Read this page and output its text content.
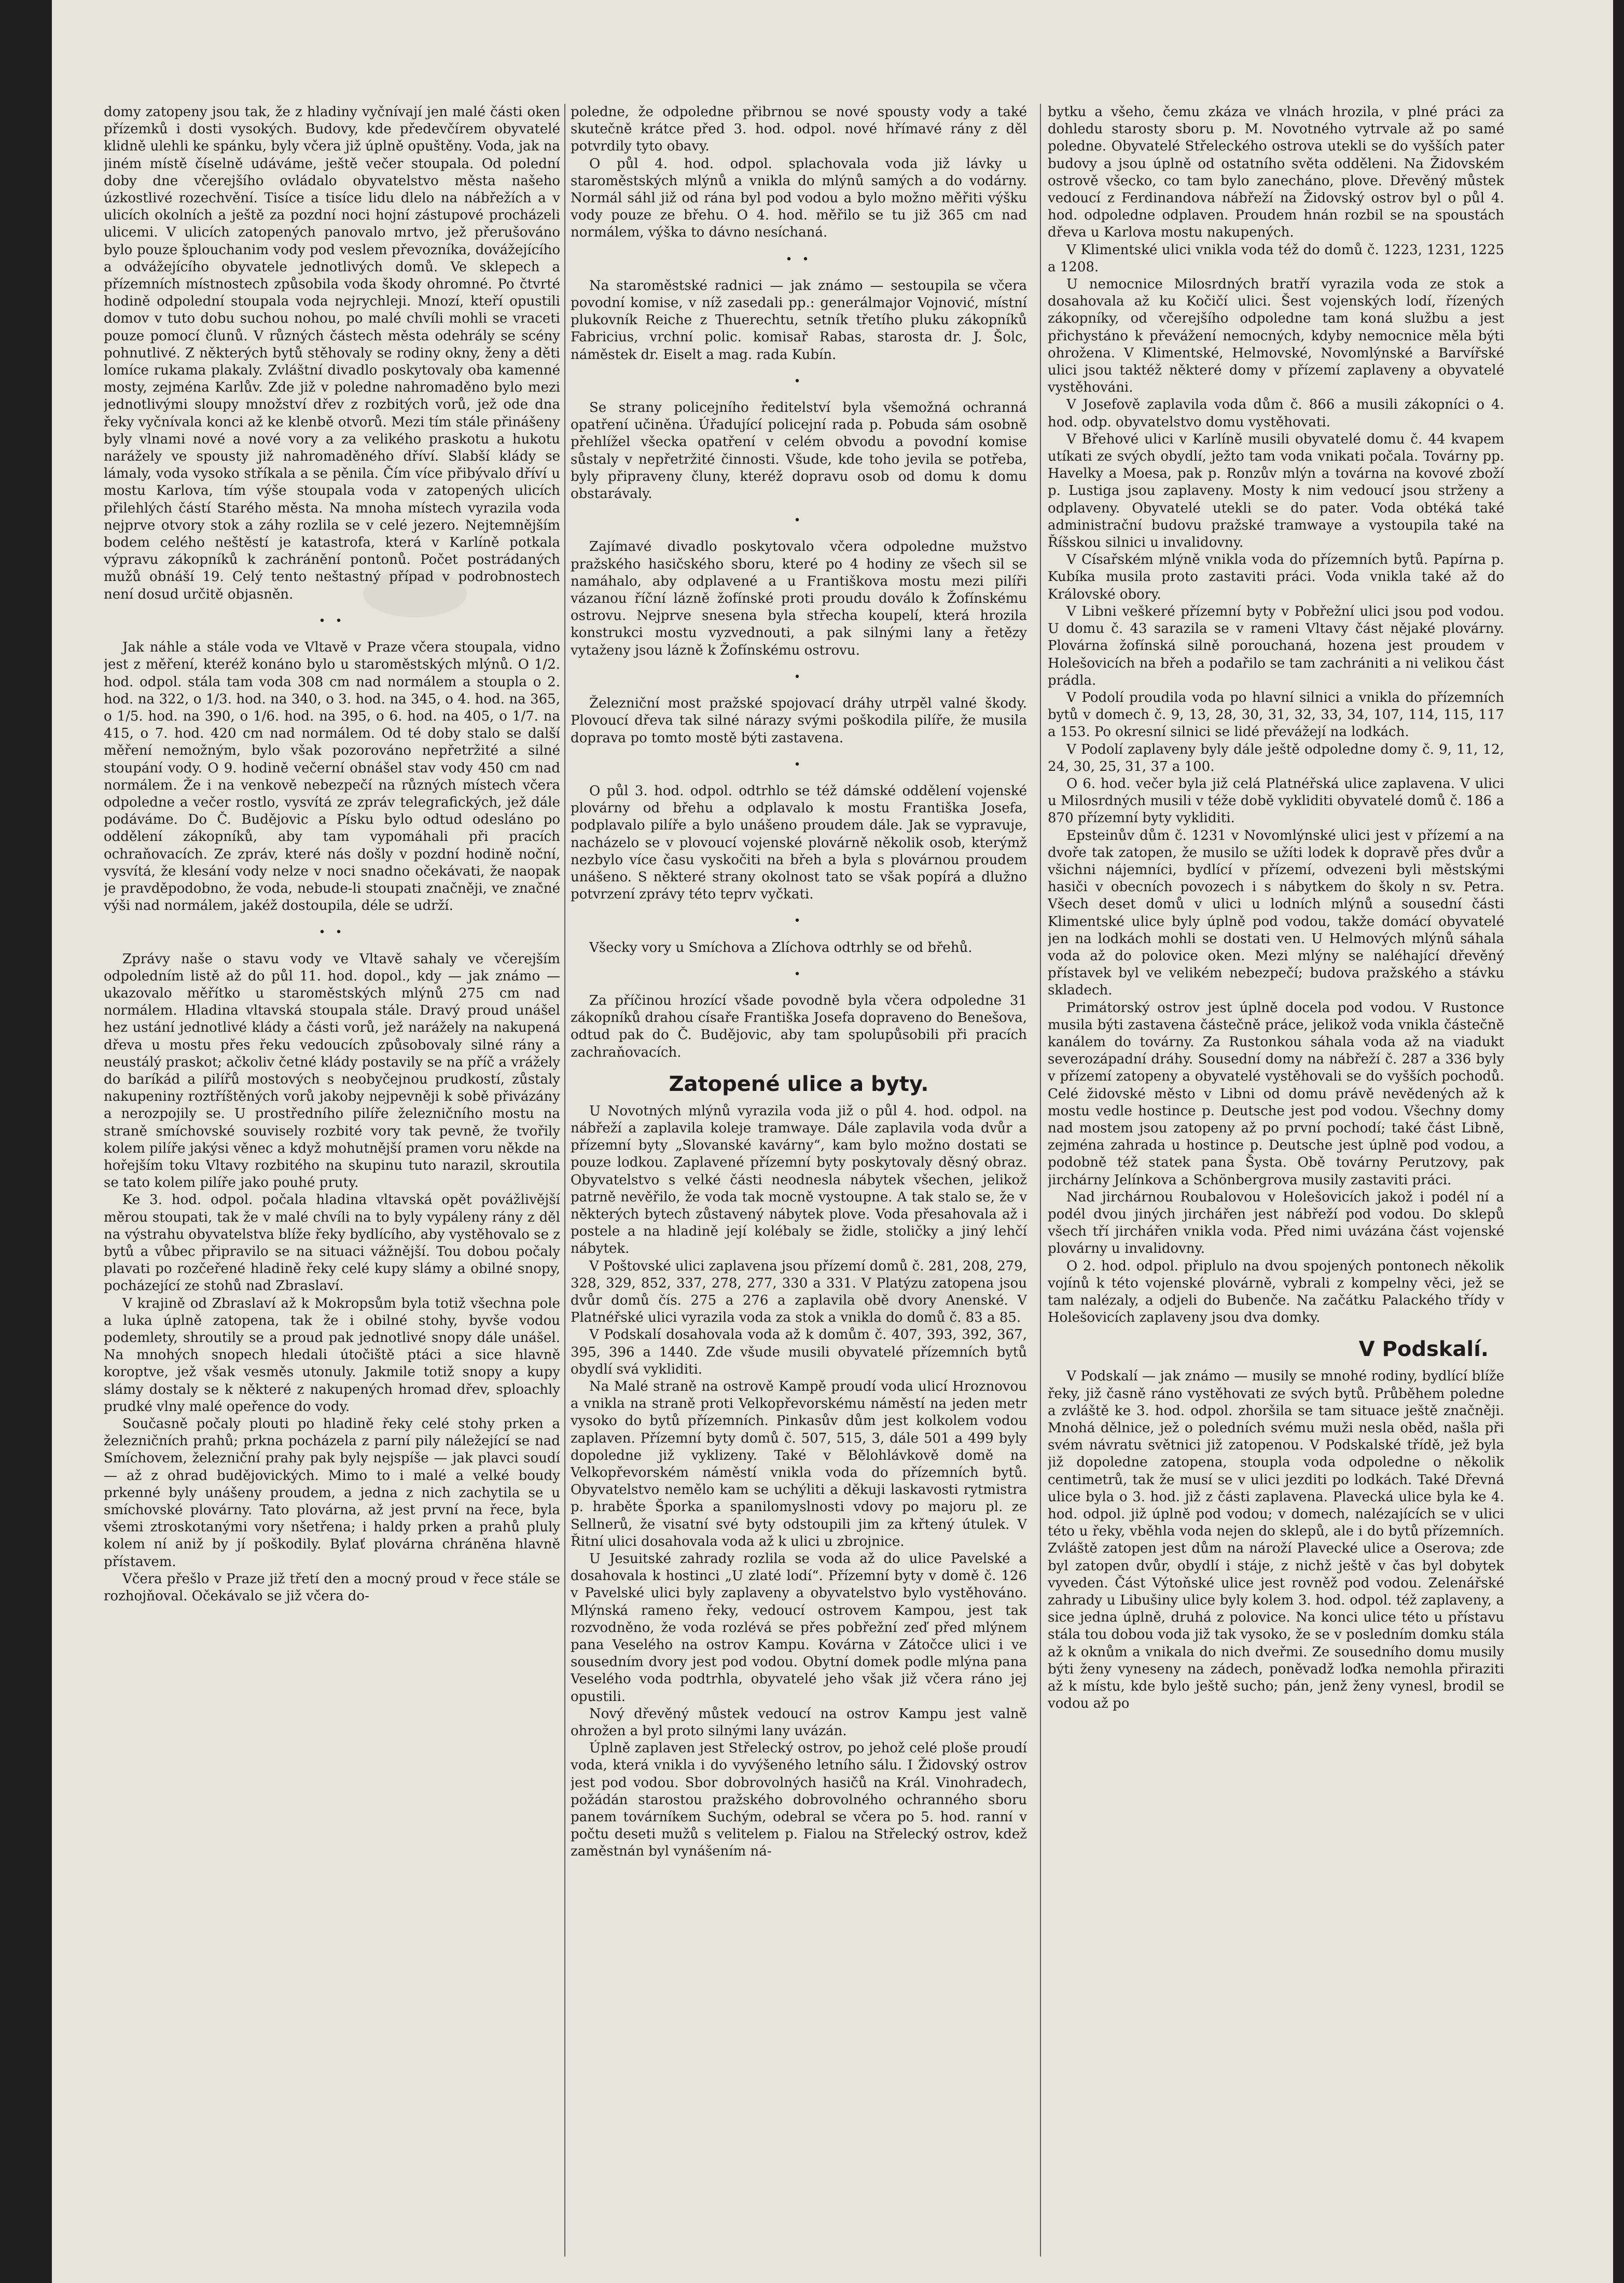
domy zatopeny jsou tak, že z hladiny vyčnívají jen malé části oken přízemků i dosti vysokých. Budovy, kde předevčírem obyvatelé klidně ulehli ke spánku, byly včera již úplně opuštěny. Voda, jak na jiném místě číselně udáváme, ještě večer stoupala. Od polední doby dne včerejšího ovládalo obyvatelstvo města našeho úzkostlivé rozechvění. Tisíce a tisíce lidu dlelo na nábřežích a v ulicích okolních a ještě za pozdní noci hojní zástupové procházeli ulicemi. V ulicích zatopených panovalo mrtvo, jež přerušováno bylo pouze šplouchanim vody pod veslem převozníka, dovážejícího a odvážejícího obyvatele jednotlivých domů. Ve sklepech a přízemních místnostech způsobila voda škody ohromné. Po čtvrté hodině odpolední stoupala voda nejrychleji. Mnozí, kteří opustili domov v tuto dobu suchou nohou, po malé chvíli mohli se vraceti pouze pomocí člunů. V různých částech města odehrály se scény pohnutlivé. Z některých bytů stěhovaly se rodiny okny, ženy a děti lomíce rukama plakaly. Zvláštní divadlo poskytovaly oba kamenné mosty, zejména Karlův. Zde již v poledne nahromaděno bylo mezi jednotlivými sloupy množství dřev z rozbitých vorů, jež ode dna řeky vyčnívala konci až ke klenbě otvorů. Mezi tím stále přinášeny byly vlnami nové a nové vory a za velikého praskotu a hukotu narážely ve spousty již nahromaděného dříví. Slabší klády se lámaly, voda vysoko stříkala a se pěnila. Čím více přibývalo dříví u mostu Karlova, tím výše stoupala voda v zatopených ulicích přilehlých částí Starého města. Na mnoha místech vyrazila voda nejprve otvory stok a záhy rozlila se v celé jezero. Nejtemnějším bodem celého neštěstí je katastrofa, která v Karlíně potkala výpravu zákopníků k zachránění pontonů. Počet postrádaných mužů obnáší 19. Celý tento neštastný případ v podrobnostech není dosud určitě objasněn.

• •

Jak náhle a stále voda ve Vltavě v Praze včera stoupala, vidno jest z měření, kteréž konáno bylo u staroměstských mlýnů. O 1/2. hod. odpol. stála tam voda 308 cm nad normálem a stoupla o 2. hod. na 322, o 1/3. hod. na 340, o 3. hod. na 345, o 4. hod. na 365, o 1/5. hod. na 390, o 1/6. hod. na 395, o 6. hod. na 405, o 1/7. na 415, o 7. hod. 420 cm nad normálem. Od té doby stalo se další měření nemožným, bylo však pozorováno nepřetržité a silné stoupání vody. O 9. hodině večerní obnášel stav vody 450 cm nad normálem. Že i na venkově nebezpečí na různých místech včera odpoledne a večer rostlo, vysvítá ze zpráv telegrafických, jež dále podáváme. Do Č. Budějovic a Písku bylo odtud odesláno po oddělení zákopníků, aby tam vypomáhali při pracích ochraňovacích. Ze zpráv, které nás došly v pozdní hodině noční, vysvítá, že klesání vody nelze v noci snadno očekávati, že naopak je pravděpodobno, že voda, nebude-li stoupati značněji, ve značné výši nad normálem, jakéž dostoupila, déle se udrží.

• •

Zprávy naše o stavu vody ve Vltavě sahaly ve včerejším odpoledním listě až do půl 11. hod. dopol., kdy — jak známo — ukazovalo měřítko u staroměstských mlýnů 275 cm nad normálem. Hladina vltavská stoupala stále. Dravý proud unášel hez ustání jednotlivé klády a části vorů, jež narážely na nakupená dřeva u mostu přes řeku vedoucích způsobovaly silné rány a neustálý praskot; ačkoliv četné klády postavily se na příč a vrážely do baríkád a pilířů mostových s neobyčejnou prudkostí, zůstaly nakupeniny roztříštěných vorů jakoby nejpevněji k sobě přivázány a nerozpojily se. U prostředního pilíře železničního mostu na straně smíchovské souvisely rozbité vory tak pevně, že tvořily kolem pilíře jakýsi věnec a když mohutnější pramen voru někde na hořejším toku Vltavy rozbitého na skupinu tuto narazil, skroutila se tato kolem pilíře jako pouhé pruty.

Ke 3. hod. odpol. počala hladina vltavská opět povážlivější měrou stoupati, tak že v malé chvíli na to byly vypáleny rány z děl na výstrahu obyvatelstva blíže řeky bydlícího, aby vystěhovalo se z bytů a vůbec připravilo se na situaci vážnější. Tou dobou počaly plavati po rozčeřené hladině řeky celé kupy slámy a obilné snopy, pocházející ze stohů nad Zbraslaví.

V krajině od Zbraslaví až k Mokropsům byla totiž všechna pole a luka úplně zatopena, tak že i obilné stohy, byvše vodou podemlety, shroutily se a proud pak jednotlivé snopy dále unášel. Na mnohých snopech hledali útočiště ptáci a sice hlavně koroptve, jež však vesměs utonuly. Jakmile totiž snopy a kupy slámy dostaly se k některé z nakupených hromad dřev, sploachly prudké vlny malé opeřence do vody.

Současně počaly plouti po hladině řeky celé stohy prken a železničních prahů; prkna pocházela z parní pily náležející se nad Smíchovem, železniční prahy pak byly nejspíše — jak plavci soudí — až z ohrad budějovických. Mimo to i malé a velké boudy prkenné byly unášeny proudem, a jedna z nich zachytila se u smíchovské plovárny. Tato plovárna, až jest první na řece, byla všemi ztroskotanými vory nšetřena; i haldy prken a prahů pluly kolem ní aniž by jí poškodily. Bylať plovárna chráněna hlavně přístavem.

Včera přešlo v Praze již třetí den a mocný proud v řece stále se rozhojňoval. Očekávalo se již včera do-

poledne, že odpoledne přibrnou se nové spousty vody a také skutečně krátce před 3. hod. odpol. nové hřímavé rány z děl potvrdily tyto obavy.

O půl 4. hod. odpol. splachovala voda již lávky u staroměstských mlýnů a vnikla do mlýnů samých a do vodárny. Normál sáhl již od rána byl pod vodou a bylo možno měřiti výšku vody pouze ze břehu. O 4. hod. měřilo se tu již 365 cm nad normálem, výška to dávno nesíchaná.

• •

Na staroměstské radnici — jak známo — sestoupila se včera povodní komise, v níž zasedali pp.: generálmajor Vojnović, místní plukovník Reiche z Thuerechtu, setník třetího pluku zákopníků Fabricius, vrchní polic. komisař Rabas, starosta dr. J. Šolc, náměstek dr. Eiselt a mag. rada Kubín.

•

Se strany policejního ředitelství byla všemožná ochranná opatření učiněna. Úřadující policejní rada p. Pobuda sám osobně přehlížel všecka opatření v celém obvodu a povodní komise sůstaly v nepřetržité činnosti. Všude, kde toho jevila se potřeba, byly připraveny čluny, kteréž dopravu osob od domu k domu obstarávaly.

•

Zajímavé divadlo poskytovalo včera odpoledne mužstvo pražského hasičského sboru, které po 4 hodiny ze všech sil se namáhalo, aby odplavené a u Františkova mostu mezi pilíři vázanou říční lázně žofínské proti proudu doválo k Žofínskému ostrovu. Nejprve snesena byla střecha koupelí, která hrozila konstrukci mostu vyzvednouti, a pak silnými lany a řetězy vytaženy jsou lázně k Žofínskému ostrovu.

•

Železniční most pražské spojovací dráhy utrpěl valné škody. Plovoucí dřeva tak silné nárazy svými poškodila pilíře, že musila doprava po tomto mostě býti zastavena.

•

O půl 3. hod. odpol. odtrhlo se též dámské oddělení vojenské plovárny od břehu a odplavalo k mostu Františka Josefa, podplavalo pilíře a bylo unášeno proudem dále. Jak se vypravuje, nacházelo se v plovoucí vojenské plovárně několik osob, kterýmž nezbylo více času vyskočiti na břeh a byla s plovárnou proudem unášeno. S některé strany okolnost tato se však popírá a dlužno potvrzení zprávy této teprv vyčkati.

•

Všecky vory u Smíchova a Zlíchova odtrhly se od břehů.

•

Za příčinou hrozící všade povodně byla včera odpoledne 31 zákopníků drahou císaře Františka Josefa dopraveno do Benešova, odtud pak do Č. Budějovic, aby tam spolupůsobili při pracích zachraňovacích.

Zatopené ulice a byty.

U Novotných mlýnů vyrazila voda již o půl 4. hod. odpol. na nábřeží a zaplavila koleje tramwaye. Dále zaplavila voda dvůr a přízemní byty „Slovanské kavárny“, kam bylo možno dostati se pouze lodkou. Zaplavené přízemní byty poskytovaly děsný obraz. Obyvatelstvo s velké části neodnesla nábytek všechen, jelikož patrně nevěřilo, že voda tak mocně vystoupne. A tak stalo se, že v některých bytech zůstavený nábytek plove. Voda přesahovala až i postele a na hladině její kolébaly se židle, stoličky a jiný lehčí nábytek.

V Poštovské ulici zaplavena jsou přízemí domů č. 281, 208, 279, 328, 329, 852, 337, 278, 277, 330 a 331. V Platýzu zatopena jsou dvůr domů čís. 275 a 276 a zaplavila obě dvory Anenské. V Platnéřské ulici vyrazila voda za stok a vnikla do domů č. 83 a 85.

V Podskalí dosahovala voda až k domům č. 407, 393, 392, 367, 395, 396 a 1440. Zde všude musili obyvatelé přízemních bytů obydlí svá vykliditi.

Na Malé straně na ostrově Kampě proudí voda ulicí Hroznovou a vnikla na straně proti Velkopřevorskému náměstí na jeden metr vysoko do bytů přízemních. Pinkasův dům jest kolkolem vodou zaplaven. Přízemní byty domů č. 507, 515, 3, dále 501 a 499 byly dopoledne již vyklizeny. Také v Bělohlávkově domě na Velkopřevorském náměstí vnikla voda do přízemních bytů. Obyvatelstvo nemělo kam se uchýliti a děkuji laskavosti rytmistra p. hraběte Šporka a spanilomyslnosti vdovy po majoru pl. ze Sellnerů, že visatní své byty odstoupili jim za křtený útulek. V Řitní ulici dosahovala voda až k ulici u zbrojnice.

U Jesuitské zahrady rozlila se voda až do ulice Pavelské a dosahovala k hostinci „U zlaté lodí“. Přízemní byty v domě č. 126 v Pavelské ulici byly zaplaveny a obyvatelstvo bylo vystěhováno. Mlýnská rameno řeky, vedoucí ostrovem Kampou, jest tak rozvodněno, že voda rozlévá se přes pobřežní zeď před mlýnem pana Veselého na ostrov Kampu. Kovárna v Zátočce ulici i ve sousedním dvory jest pod vodou. Obytní domek podle mlýna pana Veselého voda podtrhla, obyvatelé jeho však již včera ráno jej opustili.

Nový dřevěný můstek vedoucí na ostrov Kampu jest valně ohrožen a byl proto silnými lany uvázán.

Úplně zaplaven jest Střelecký ostrov, po jehož celé ploše proudí voda, která vnikla i do vyvýšeného letního sálu. I Židovský ostrov jest pod vodou. Sbor dobrovolných hasičů na Král. Vinohradech, požádán starostou pražského dobrovolného ochranného sboru panem továrníkem Suchým, odebral se včera po 5. hod. ranní v počtu deseti mužů s velitelem p. Fialou na Střelecký ostrov, kdež zaměstnán byl vynášením ná-

bytku a všeho, čemu zkáza ve vlnách hrozila, v plné práci za dohledu starosty sboru p. M. Novotného vytrvale až po samé poledne. Obyvatelé Střeleckého ostrova utekli se do vyšších pater budovy a jsou úplně od ostatního světa odděleni. Na Židovském ostrově všecko, co tam bylo zanecháno, plove. Dřevěný můstek vedoucí z Ferdinandova nábřeží na Židovský ostrov byl o půl 4. hod. odpoledne odplaven. Proudem hnán rozbil se na spoustách dřeva u Karlova mostu nakupených.

V Klimentské ulici vnikla voda též do domů č. 1223, 1231, 1225 a 1208.

U nemocnice Milosrdných bratří vyrazila voda ze stok a dosahovala až ku Kočičí ulici. Šest vojenských lodí, řízených zákopníky, od včerejšího odpoledne tam koná službu a jest přichystáno k převážení nemocných, kdyby nemocnice měla býti ohrožena. V Klimentské, Helmovské, Novomlýnské a Barvířské ulici jsou taktéž některé domy v přízemí zaplaveny a obyvatelé vystěhováni.

V Josefově zaplavila voda dům č. 866 a musili zákopníci o 4. hod. odp. obyvatelstvo domu vystěhovati.

V Břehové ulici v Karlíně musili obyvatelé domu č. 44 kvapem utíkati ze svých obydlí, ježto tam voda vnikati počala. Továrny pp. Havelky a Moesa, pak p. Ronzův mlýn a továrna na kovové zboží p. Lustiga jsou zaplaveny. Mosty k nim vedoucí jsou strženy a odplaveny. Obyvatelé utekli se do pater. Voda obtéká také administrační budovu pražské tramwaye a vystoupila také na Říšskou silnici u invalidovny.

V Císařském mlýně vnikla voda do přízemních bytů. Papírna p. Kubíka musila proto zastaviti práci. Voda vnikla také až do Královské obory.

V Libni veškeré přízemní byty v Pobřežní ulici jsou pod vodou. U domu č. 43 sarazila se v rameni Vltavy část nějaké plovárny. Plovárna žofínská silně porouchaná, hozena jest proudem v Holešovicích na břeh a podařilo se tam zachrániti a ni velikou část prádla.

V Podolí proudila voda po hlavní silnici a vnikla do přízemních bytů v domech č. 9, 13, 28, 30, 31, 32, 33, 34, 107, 114, 115, 117 a 153. Po okresní silnici se lidé převážejí na lodkách.

V Podolí zaplaveny byly dále ještě odpoledne domy č. 9, 11, 12, 24, 30, 25, 31, 37 a 100.

O 6. hod. večer byla již celá Platnéřská ulice zaplavena. V ulici u Milosrdných musili v téže době vykliditi obyvatelé domů č. 186 a 870 přízemní byty vykliditi.

Epsteinův dům č. 1231 v Novomlýnské ulici jest v přízemí a na dvoře tak zatopen, že musilo se užíti lodek k dopravě přes dvůr a všichni nájemníci, bydlící v přízemí, odvezeni byli městskými hasiči v obecních povozech i s nábytkem do školy n sv. Petra. Všech deset domů v ulici u lodních mlýnů a sousední části Klimentské ulice byly úplně pod vodou, takže domácí obyvatelé jen na lodkách mohli se dostati ven. U Helmových mlýnů sáhala voda až do polovice oken. Mezi mlýny se naléhající dřevěný přístavek byl ve velikém nebezpečí; budova pražského a stávku skladech.

Primátorský ostrov jest úplně docela pod vodou. V Rustonce musila býti zastavena částečně práce, jelikož voda vnikla částečně kanálem do továrny. Za Rustonkou sáhala voda až na viadukt severozápadní dráhy. Sousední domy na nábřeží č. 287 a 336 byly v přízemí zatopeny a obyvatelé vystěhovali se do vyšších pochodů. Celé židovské město v Libni od domu právě nevědených až k mostu vedle hostince p. Deutsche jest pod vodou. Všechny domy nad mostem jsou zatopeny až po první pochodí; také část Libně, zejména zahrada u hostince p. Deutsche jest úplně pod vodou, a podobně též statek pana Šysta. Obě továrny Perutzovy, pak jirchárny Jelínkova a Schönbergrova musily zastaviti práci.

Nad jirchárnou Roubalovou v Holešovicích jakož i podél ní a podél dvou jiných jirchářen jest nábřeží pod vodou. Do sklepů všech tří jirchářen vnikla voda. Před nimi uvázána část vojenské plovárny u invalidovny.

O 2. hod. odpol. připlulo na dvou spojených pontonech několik vojínů k této vojenské plovárně, vybrali z kompelny věci, jež se tam nalézaly, a odjeli do Bubenče. Na začátku Palackého třídy v Holešovicích zaplaveny jsou dva domky.

V Podskalí.

V Podskalí — jak známo — musily se mnohé rodiny, bydlící blíže řeky, již časně ráno vystěhovati ze svých bytů. Průběhem poledne a zvláště ke 3. hod. odpol. zhoršila se tam situace ještě značněji. Mnohá dělnice, jež o poledních svému muži nesla oběd, našla při svém návratu světnici již zatopenou. V Podskalské třídě, jež byla již dopoledne zatopena, stoupla voda odpoledne o několik centimetrů, tak že musí se v ulici jezditi po lodkách. Také Dřevná ulice byla o 3. hod. již z části zaplavena. Plavecká ulice byla ke 4. hod. odpol. již úplně pod vodou; v domech, nalézajících se v ulici této u řeky, vběhla voda nejen do sklepů, ale i do bytů přízemních. Zvláště zatopen jest dům na nároží Plavecké ulice a Oserova; zde byl zatopen dvůr, obydlí i stáje, z nichž ještě v čas byl dobytek vyveden. Část Výtoňské ulice jest rovněž pod vodou. Zelenářské zahrady u Libušiny ulice byly kolem 3. hod. odpol. též zaplaveny, a sice jedna úplně, druhá z polovice. Na konci ulice této u přístavu stála tou dobou voda již tak vysoko, že se v posledním domku stála až k oknům a vnikala do nich dveřmi. Ze sousedního domu musily býti ženy vyneseny na zádech, poněvadž loďka nemohla přiraziti až k místu, kde bylo ještě sucho; pán, jenž ženy vynesl, brodil se vodou až po
